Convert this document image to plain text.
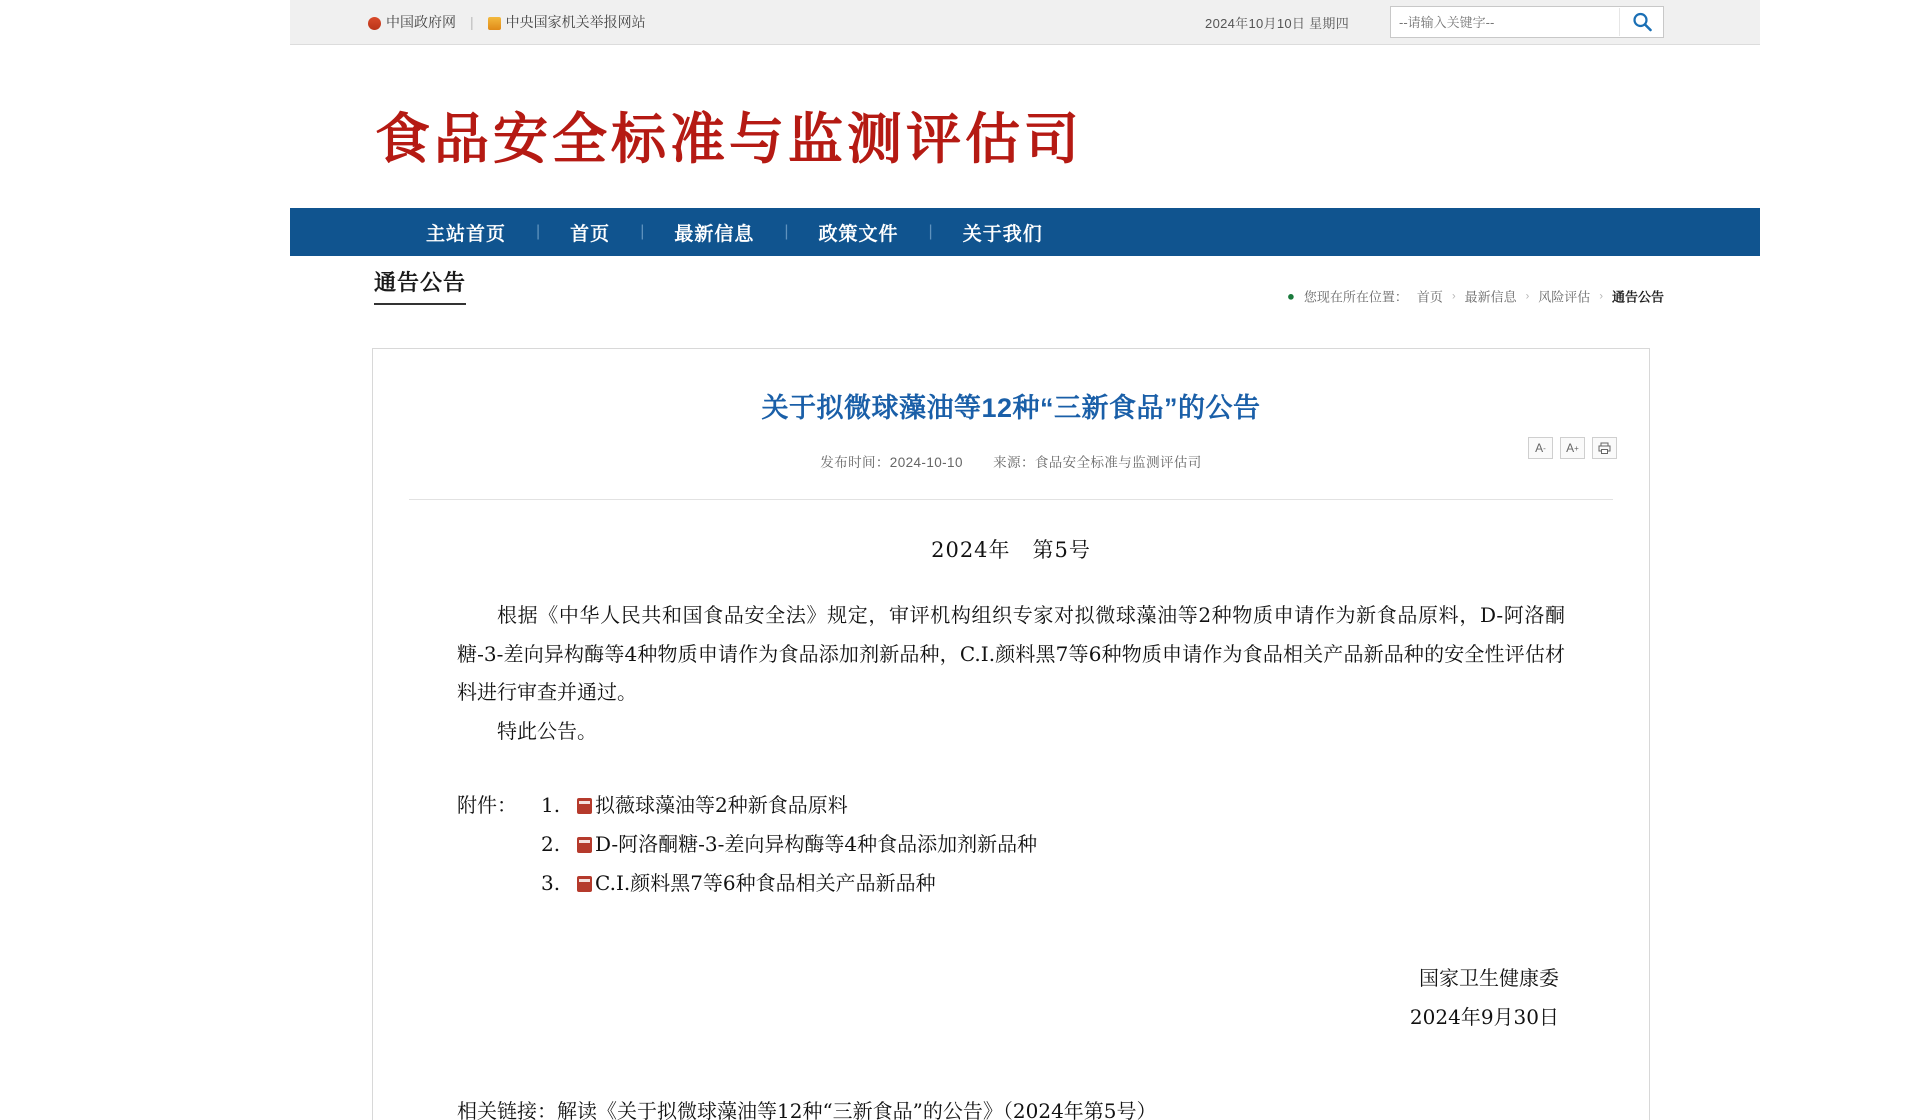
中国政府网 | 中央国家机关举报网站	2024年10月10日 星期四
--请输入关键字--
食品安全标准与监测评估司
主站首页	|	首页	|	最新信息	|	政策文件	|	关于我们
通告公告
● 您现在所在位置： 首页 › 最新信息 › 风险评估 › 通告公告
关于拟微球藻油等12种“三新食品”的公告
发布时间：2024-10-10 来源：食品安全标准与监测评估司
A - A +
2024年　第5号

根据《中华人民共和国食品安全法》规定，审评机构组织专家对拟微球藻油等2种物质申请作为新食品原料，D-阿洛酮糖-3-差向异构酶等4种物质申请作为食品添加剂新品种，C.I.颜料黑7等6种物质申请作为食品相关产品新品种的安全性评估材料进行审查并通过。

特此公告。

附件：	1.	拟薇球藻油等2种新食品原料
2.	D-阿洛酮糖-3-差向异构酶等4种食品添加剂新品种
3.	C.I.颜料黑7等6种食品相关产品新品种
国家卫生健康委
2024年9月30日
相关链接：解读《关于拟微球藻油等12种“三新食品”的公告》（2024年第5号）
